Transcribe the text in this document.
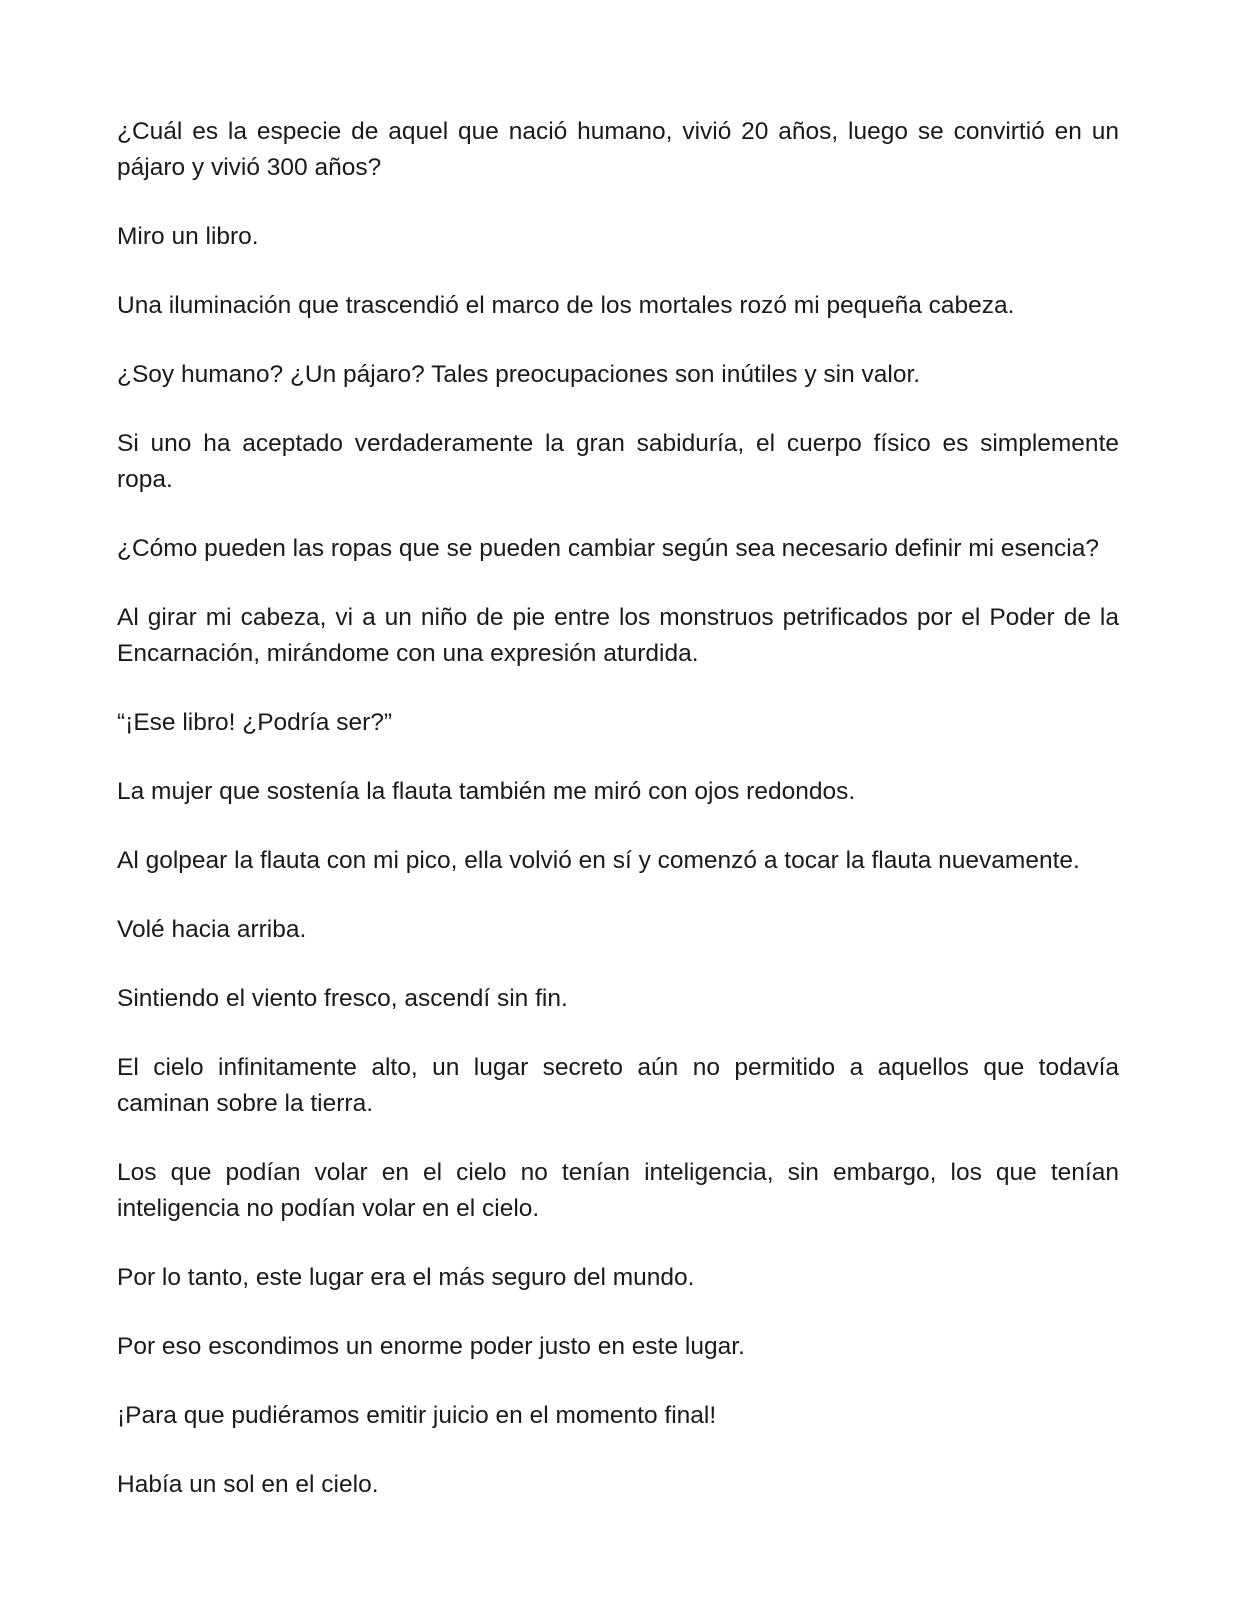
¿Cuál es la especie de aquel que nació humano, vivió 20 años, luego se convirtió en un pájaro y vivió 300 años?

Miro un libro.

Una iluminación que trascendió el marco de los mortales rozó mi pequeña cabeza.

¿Soy humano? ¿Un pájaro? Tales preocupaciones son inútiles y sin valor.

Si uno ha aceptado verdaderamente la gran sabiduría, el cuerpo físico es simplemente ropa.

¿Cómo pueden las ropas que se pueden cambiar según sea necesario definir mi esencia?

Al girar mi cabeza, vi a un niño de pie entre los monstruos petrificados por el Poder de la Encarnación, mirándome con una expresión aturdida.

“¡Ese libro! ¿Podría ser?”

La mujer que sostenía la flauta también me miró con ojos redondos.

Al golpear la flauta con mi pico, ella volvió en sí y comenzó a tocar la flauta nuevamente.

Volé hacia arriba.

Sintiendo el viento fresco, ascendí sin fin.

El cielo infinitamente alto, un lugar secreto aún no permitido a aquellos que todavía caminan sobre la tierra.

Los que podían volar en el cielo no tenían inteligencia, sin embargo, los que tenían inteligencia no podían volar en el cielo.

Por lo tanto, este lugar era el más seguro del mundo.

Por eso escondimos un enorme poder justo en este lugar.

¡Para que pudiéramos emitir juicio en el momento final!

Había un sol en el cielo.
